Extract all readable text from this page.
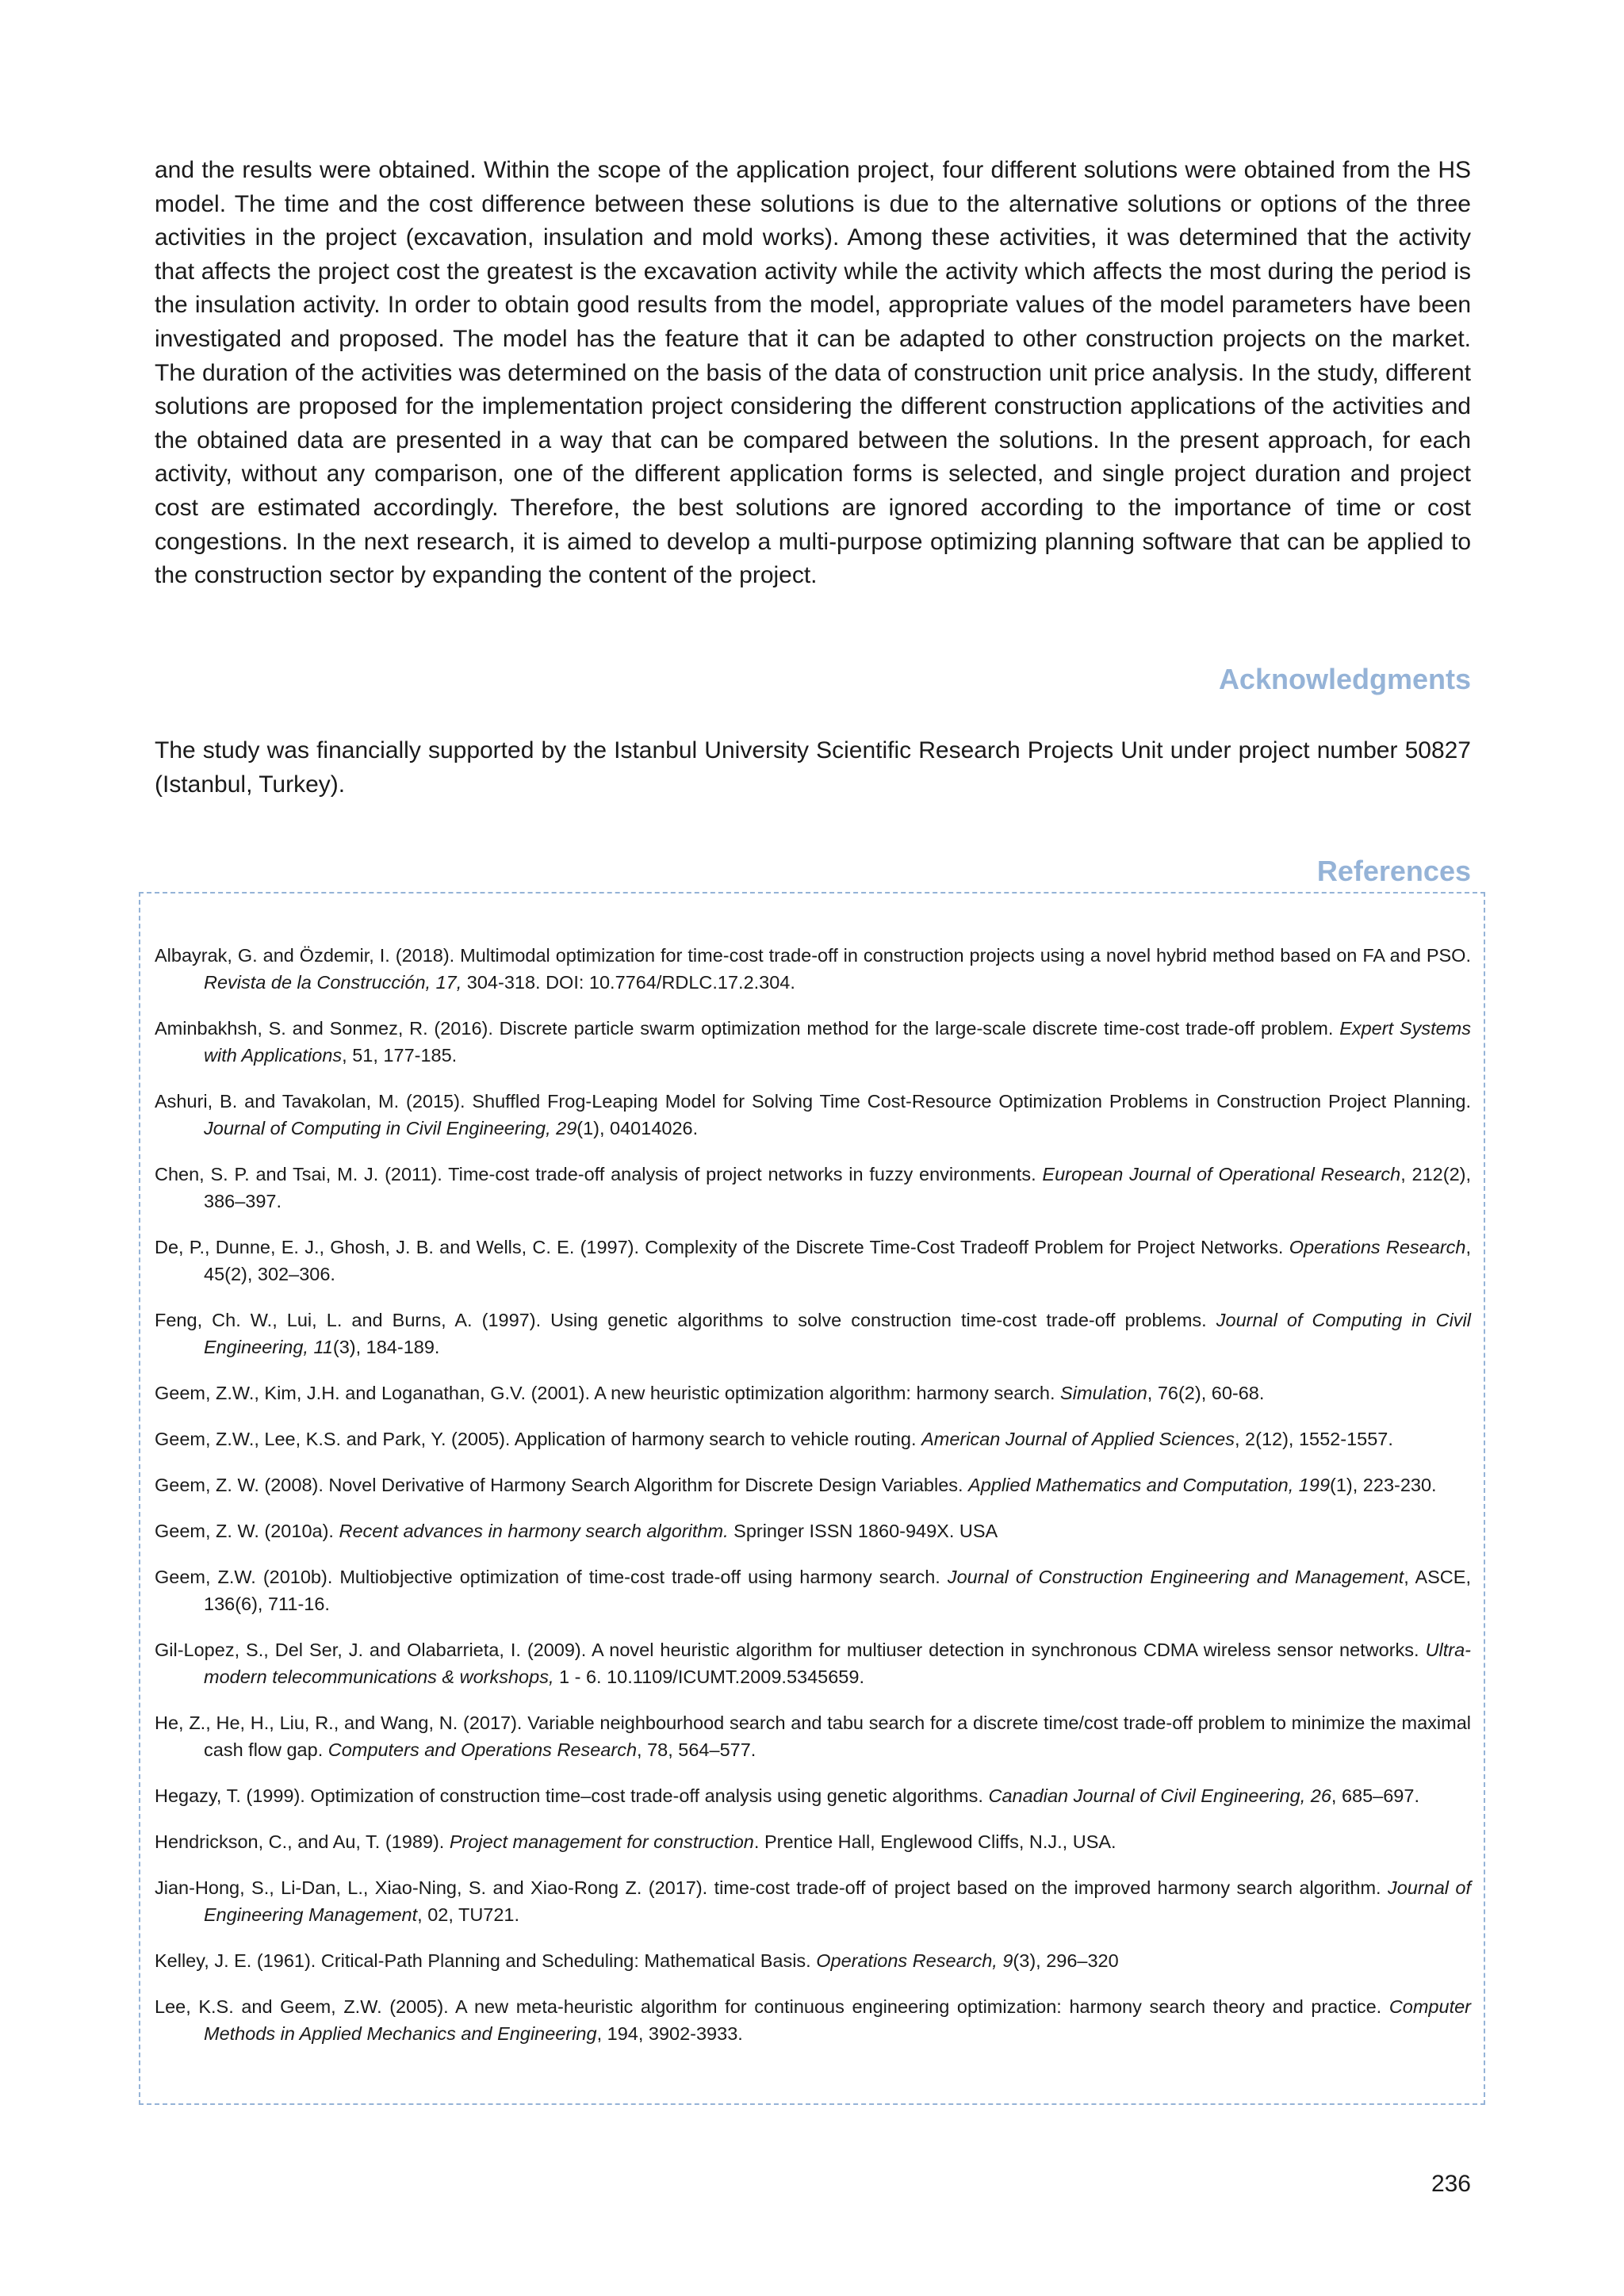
and the results were obtained. Within the scope of the application project, four different solutions were obtained from the HS model. The time and the cost difference between these solutions is due to the alternative solutions or options of the three activities in the project (excavation, insulation and mold works). Among these activities, it was determined that the activity that affects the project cost the greatest is the excavation activity while the activity which affects the most during the period is the insulation activity. In order to obtain good results from the model, appropriate values of the model parameters have been investigated and proposed. The model has the feature that it can be adapted to other construction projects on the market. The duration of the activities was determined on the basis of the data of construction unit price analysis. In the study, different solutions are proposed for the implementation project considering the different construction applications of the activities and the obtained data are presented in a way that can be compared between the solutions. In the present approach, for each activity, without any comparison, one of the different application forms is selected, and single project duration and project cost are estimated accordingly. Therefore, the best solutions are ignored according to the importance of time or cost congestions. In the next research, it is aimed to develop a multi-purpose optimizing planning software that can be applied to the construction sector by expanding the content of the project.

Acknowledgments

The study was financially supported by the Istanbul University Scientific Research Projects Unit under project number 50827 (Istanbul, Turkey).

References
Albayrak, G. and Özdemir, I. (2018). Multimodal optimization for time-cost trade-off in construction projects using a novel hybrid method based on FA and PSO. Revista de la Construcción, 17, 304-318. DOI: 10.7764/RDLC.17.2.304.
Aminbakhsh, S. and Sonmez, R. (2016). Discrete particle swarm optimization method for the large-scale discrete time-cost trade-off problem. Expert Systems with Applications, 51, 177-185.
Ashuri, B. and Tavakolan, M. (2015). Shuffled Frog-Leaping Model for Solving Time Cost-Resource Optimization Problems in Construction Project Planning. Journal of Computing in Civil Engineering, 29(1), 04014026.
Chen, S. P. and Tsai, M. J. (2011). Time-cost trade-off analysis of project networks in fuzzy environments. European Journal of Operational Research, 212(2), 386–397.
De, P., Dunne, E. J., Ghosh, J. B. and Wells, C. E. (1997). Complexity of the Discrete Time-Cost Tradeoff Problem for Project Networks. Operations Research, 45(2), 302–306.
Feng, Ch. W., Lui, L. and Burns, A. (1997). Using genetic algorithms to solve construction time-cost trade-off problems. Journal of Computing in Civil Engineering, 11(3), 184-189.
Geem, Z.W., Kim, J.H. and Loganathan, G.V. (2001). A new heuristic optimization algorithm: harmony search. Simulation, 76(2), 60-68.
Geem, Z.W., Lee, K.S. and Park, Y. (2005). Application of harmony search to vehicle routing. American Journal of Applied Sciences, 2(12), 1552-1557.
Geem, Z. W. (2008). Novel Derivative of Harmony Search Algorithm for Discrete Design Variables. Applied Mathematics and Computation, 199(1), 223-230.
Geem, Z. W. (2010a). Recent advances in harmony search algorithm. Springer ISSN 1860-949X. USA
Geem, Z.W. (2010b). Multiobjective optimization of time-cost trade-off using harmony search. Journal of Construction Engineering and Management, ASCE, 136(6), 711-16.
Gil-Lopez, S., Del Ser, J. and Olabarrieta, I. (2009). A novel heuristic algorithm for multiuser detection in synchronous CDMA wireless sensor networks. Ultra-modern telecommunications & workshops, 1 - 6. 10.1109/ICUMT.2009.5345659.
He, Z., He, H., Liu, R., and Wang, N. (2017). Variable neighbourhood search and tabu search for a discrete time/cost trade-off problem to minimize the maximal cash flow gap. Computers and Operations Research, 78, 564–577.
Hegazy, T. (1999). Optimization of construction time–cost trade-off analysis using genetic algorithms. Canadian Journal of Civil Engineering, 26, 685–697.
Hendrickson, C., and Au, T. (1989). Project management for construction. Prentice Hall, Englewood Cliffs, N.J., USA.
Jian-Hong, S., Li-Dan, L., Xiao-Ning, S. and Xiao-Rong Z. (2017). time-cost trade-off of project based on the improved harmony search algorithm. Journal of Engineering Management, 02, TU721.
Kelley, J. E. (1961). Critical-Path Planning and Scheduling: Mathematical Basis. Operations Research, 9(3), 296–320
Lee, K.S. and Geem, Z.W. (2005). A new meta-heuristic algorithm for continuous engineering optimization: harmony search theory and practice. Computer Methods in Applied Mechanics and Engineering, 194, 3902-3933.

236
